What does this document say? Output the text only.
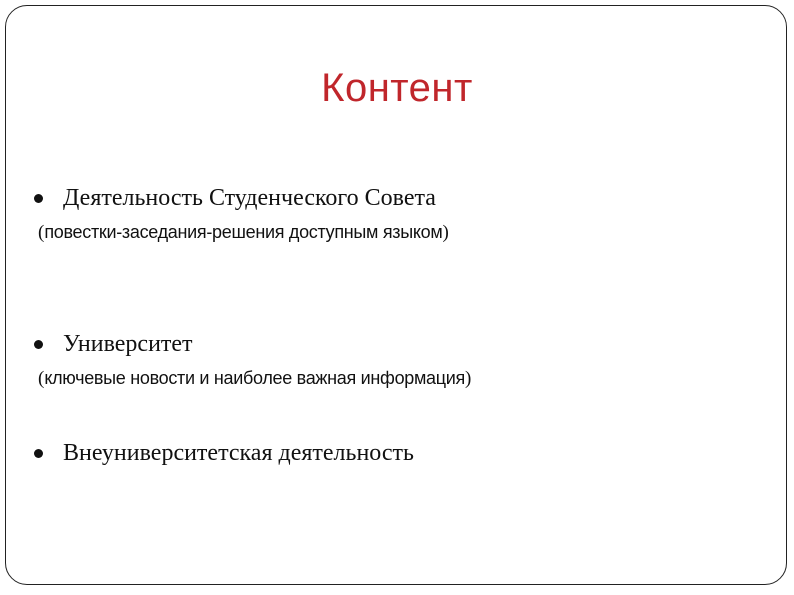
Контент
Деятельность Студенческого Совета
(повестки-заседания-решения доступным языком)
Университет
(ключевые новости и наиболее важная информация)
Внеуниверситетская деятельность
